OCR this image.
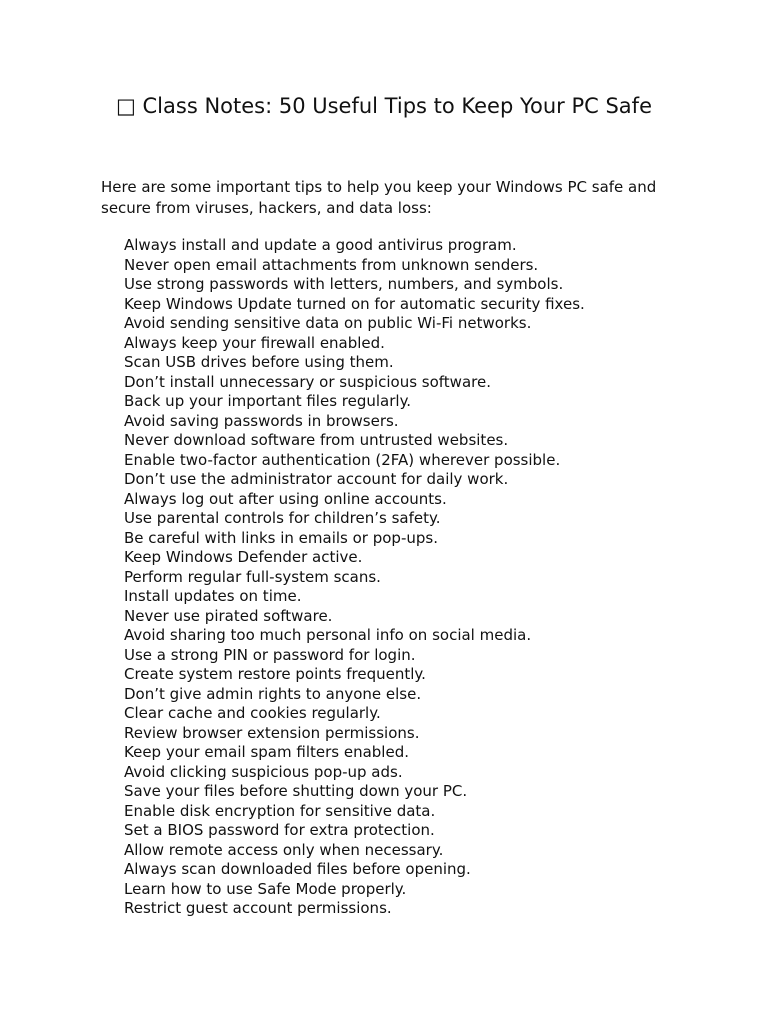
□ Class Notes: 50 Useful Tips to Keep Your PC Safe

Here are some important tips to help you keep your Windows PC safe and secure from viruses, hackers, and data loss:

Always install and update a good antivirus program.
Never open email attachments from unknown senders.
Use strong passwords with letters, numbers, and symbols.
Keep Windows Update turned on for automatic security fixes.
Avoid sending sensitive data on public Wi-Fi networks.
Always keep your firewall enabled.
Scan USB drives before using them.
Don’t install unnecessary or suspicious software.
Back up your important files regularly.
Avoid saving passwords in browsers.
Never download software from untrusted websites.
Enable two-factor authentication (2FA) wherever possible.
Don’t use the administrator account for daily work.
Always log out after using online accounts.
Use parental controls for children’s safety.
Be careful with links in emails or pop-ups.
Keep Windows Defender active.
Perform regular full-system scans.
Install updates on time.
Never use pirated software.
Avoid sharing too much personal info on social media.
Use a strong PIN or password for login.
Create system restore points frequently.
Don’t give admin rights to anyone else.
Clear cache and cookies regularly.
Review browser extension permissions.
Keep your email spam filters enabled.
Avoid clicking suspicious pop-up ads.
Save your files before shutting down your PC.
Enable disk encryption for sensitive data.
Set a BIOS password for extra protection.
Allow remote access only when necessary.
Always scan downloaded files before opening.
Learn how to use Safe Mode properly.
Restrict guest account permissions.
